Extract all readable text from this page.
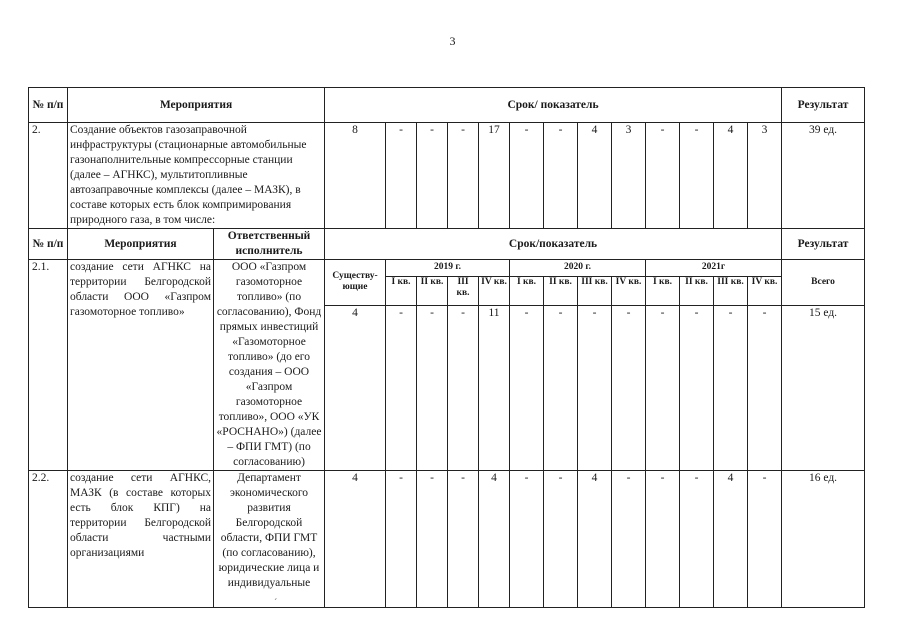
3
№ п/п	Мероприятия		Срок/ показатель													Результат
2.	Создание объектов газозаправочной инфраструктуры (стационарные автомобильные газонаполнительные компрессорные станции (далее – АГНКС), мультитопливные автозаправочные комплексы (далее – МАЗК), в составе которых есть блок компримирования природного газа, в том числе:		8	-	-	-	17	-	-	4	3	-	-	4	3	39 ед.
№ п/п	Мероприятия	Ответственный исполнитель	Срок/показатель													Результат
2.1.	создание сети АГНКС на территории Белгородской области ООО «Газпром газомоторное топливо»	ООО «Газпром газомоторное топливо» (по согласованию), Фонд прямых инвестиций «Газомоторное топливо» (до его создания – ООО «Газпром газомоторное топливо», ООО «УК «РОСНАНО») (далее – ФПИ ГМТ) (по согласованию)	Существу-ющие	2019 г.				2020 г.				2021г				Всего
				I кв.	II кв.	III кв.	IV кв.	I кв.	II кв.	III кв.	IV кв.	I кв.	II кв.	III кв.	IV кв.	
			4	-	-	-	11	-	-	-	-	-	-	-	-	15 ед.
2.2.	создание сети АГНКС, МАЗК (в составе которых есть блок КПГ) на территории Белгородской области частными организациями	Департамент экономического развития Белгородской области, ФПИ ГМТ (по согласованию), юридические лица и индивидуальные	4	-	-	-	4	-	-	4	-	-	-	4	-	16 ед.
ˊ
